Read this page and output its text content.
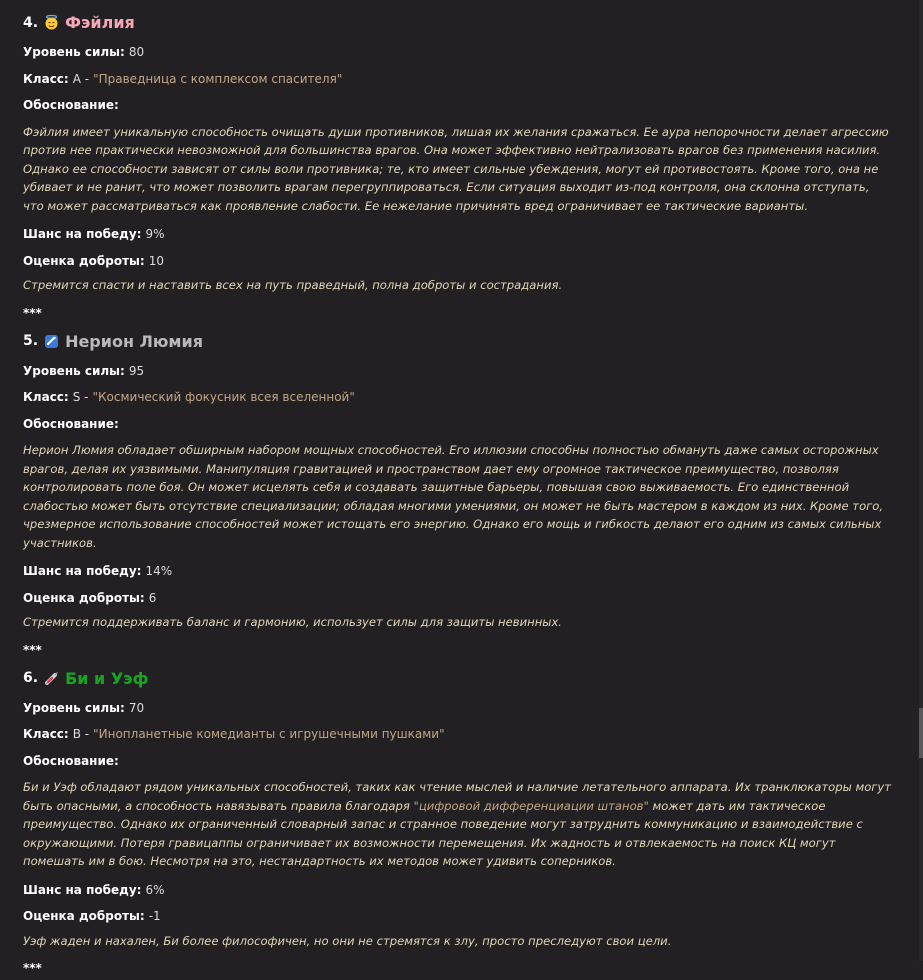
4. Фэйлия
Уровень силы: 80
Класс: A - "Праведница с комплексом спасителя"
Обоснование:
Фэйлия имеет уникальную способность очищать души противников, лишая их желания сражаться. Ее аура непорочности делает агрессию против нее практически невозможной для большинства врагов. Она может эффективно нейтрализовать врагов без применения насилия. Однако ее способности зависят от силы воли противника; те, кто имеет сильные убеждения, могут ей противостоять. Кроме того, она не убивает и не ранит, что может позволить врагам перегруппироваться. Если ситуация выходит из-под контроля, она склонна отступать, что может рассматриваться как проявление слабости. Ее нежелание причинять вред ограничивает ее тактические варианты.
Шанс на победу: 9%
Оценка доброты: 10
Стремится спасти и наставить всех на путь праведный, полна доброты и сострадания.
***
5. Нерион Люмия
Уровень силы: 95
Класс: S - "Космический фокусник всея вселенной"
Обоснование:
Нерион Люмия обладает обширным набором мощных способностей. Его иллюзии способны полностью обмануть даже самых осторожных врагов, делая их уязвимыми. Манипуляция гравитацией и пространством дает ему огромное тактическое преимущество, позволяя контролировать поле боя. Он может исцелять себя и создавать защитные барьеры, повышая свою выживаемость. Его единственной слабостью может быть отсутствие специализации; обладая многими умениями, он может не быть мастером в каждом из них. Кроме того, чрезмерное использование способностей может истощать его энергию. Однако его мощь и гибкость делают его одним из самых сильных участников.
Шанс на победу: 14%
Оценка доброты: 6
Стремится поддерживать баланс и гармонию, использует силы для защиты невинных.
***
6. Би и Уэф
Уровень силы: 70
Класс: B - "Инопланетные комедианты с игрушечными пушками"
Обоснование:
Би и Уэф обладают рядом уникальных способностей, таких как чтение мыслей и наличие летательного аппарата. Их транклюкаторы могут быть опасными, а способность навязывать правила благодаря "цифровой дифференциации штанов" может дать им тактическое преимущество. Однако их ограниченный словарный запас и странное поведение могут затруднить коммуникацию и взаимодействие с окружающими. Потеря гравицаппы ограничивает их возможности перемещения. Их жадность и отвлекаемость на поиск КЦ могут помешать им в бою. Несмотря на это, нестандартность их методов может удивить соперников.
Шанс на победу: 6%
Оценка доброты: -1
Уэф жаден и нахален, Би более философичен, но они не стремятся к злу, просто преследуют свои цели.
***
